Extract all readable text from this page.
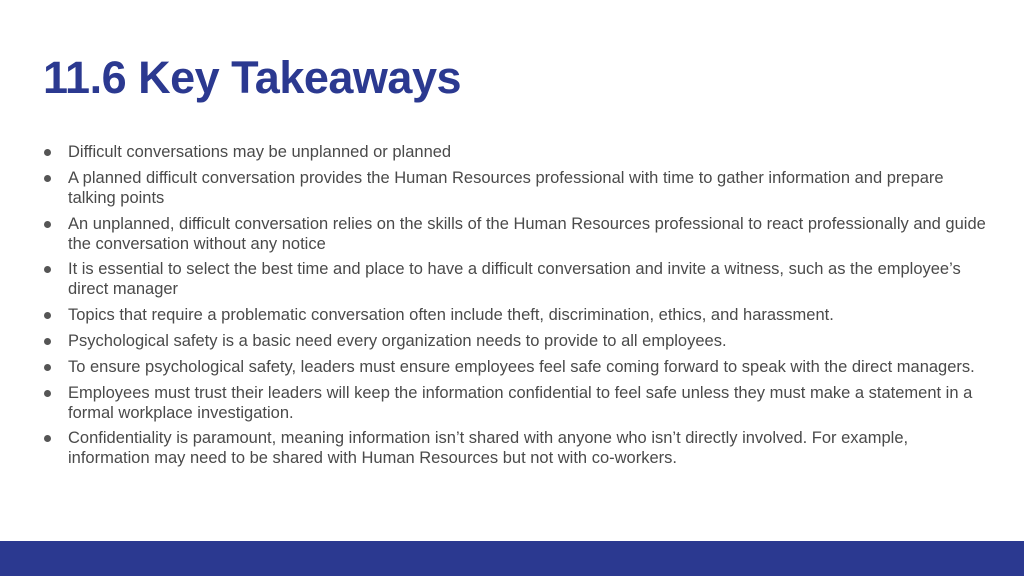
11.6 Key Takeaways
Difficult conversations may be unplanned or planned
A planned difficult conversation provides the Human Resources professional with time to gather information and prepare talking points
An unplanned, difficult conversation relies on the skills of the Human Resources professional to react professionally and guide the conversation without any notice
It is essential to select the best time and place to have a difficult conversation and invite a witness, such as the employee’s direct manager
Topics that require a problematic conversation often include theft, discrimination, ethics, and harassment.
Psychological safety is a basic need every organization needs to provide to all employees.
To ensure psychological safety, leaders must ensure employees feel safe coming forward to speak with the direct managers.
Employees must trust their leaders will keep the information confidential to feel safe unless they must make a statement in a formal workplace investigation.
Confidentiality is paramount, meaning information isn’t shared with anyone who isn’t directly involved. For example, information may need to be shared with Human Resources but not with co-workers.
